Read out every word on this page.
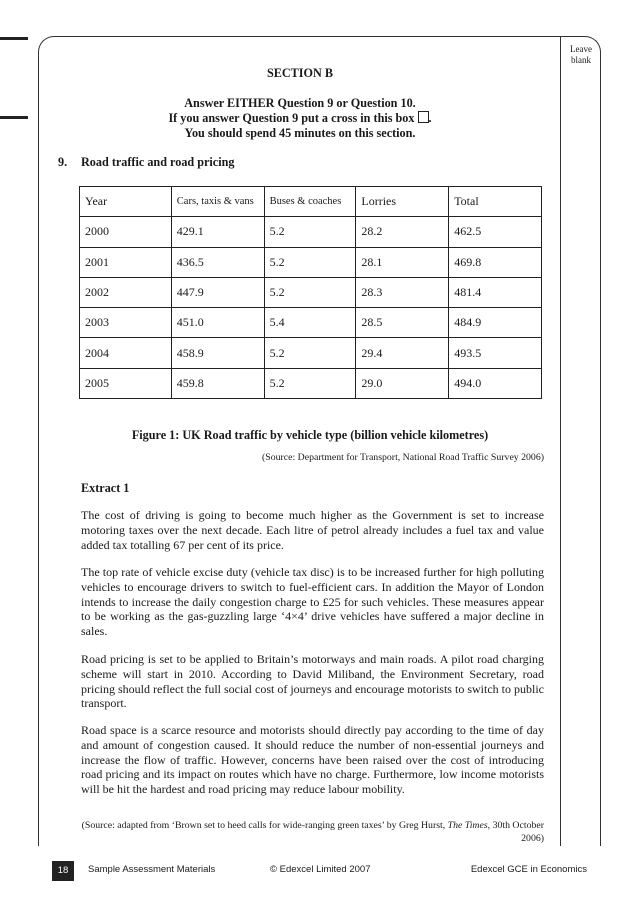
Leave
blank
SECTION B
Answer EITHER Question 9 or Question 10.
If you answer Question 9 put a cross in this box ☒.
You should spend 45 minutes on this section.
9. Road traffic and road pricing
Year	Cars, taxis & vans	Buses & coaches	Lorries	Total
2000	429.1	5.2	28.2	462.5
2001	436.5	5.2	28.1	469.8
2002	447.9	5.2	28.3	481.4
2003	451.0	5.4	28.5	484.9
2004	458.9	5.2	29.4	493.5
2005	459.8	5.2	29.0	494.0
Figure 1: UK Road traffic by vehicle type (billion vehicle kilometres)
(Source: Department for Transport, National Road Traffic Survey 2006)
Extract 1
The cost of driving is going to become much higher as the Government is set to increase motoring taxes over the next decade. Each litre of petrol already includes a fuel tax and value added tax totalling 67 per cent of its price.
The top rate of vehicle excise duty (vehicle tax disc) is to be increased further for high polluting vehicles to encourage drivers to switch to fuel-efficient cars. In addition the Mayor of London intends to increase the daily congestion charge to £25 for such vehicles. These measures appear to be working as the gas-guzzling large ‘4×4’ drive vehicles have suffered a major decline in sales.
Road pricing is set to be applied to Britain’s motorways and main roads. A pilot road charging scheme will start in 2010. According to David Miliband, the Environment Secretary, road pricing should reflect the full social cost of journeys and encourage motorists to switch to public transport.
Road space is a scarce resource and motorists should directly pay according to the time of day and amount of congestion caused. It should reduce the number of non-essential journeys and increase the flow of traffic. However, concerns have been raised over the cost of introducing road pricing and its impact on routes which have no charge. Furthermore, low income motorists will be hit the hardest and road pricing may reduce labour mobility.
(Source: adapted from ‘Brown set to heed calls for wide-ranging green taxes’ by Greg Hurst, The Times, 30th October 2006)
18	Sample Assessment Materials	© Edexcel Limited 2007	Edexcel GCE in Economics
